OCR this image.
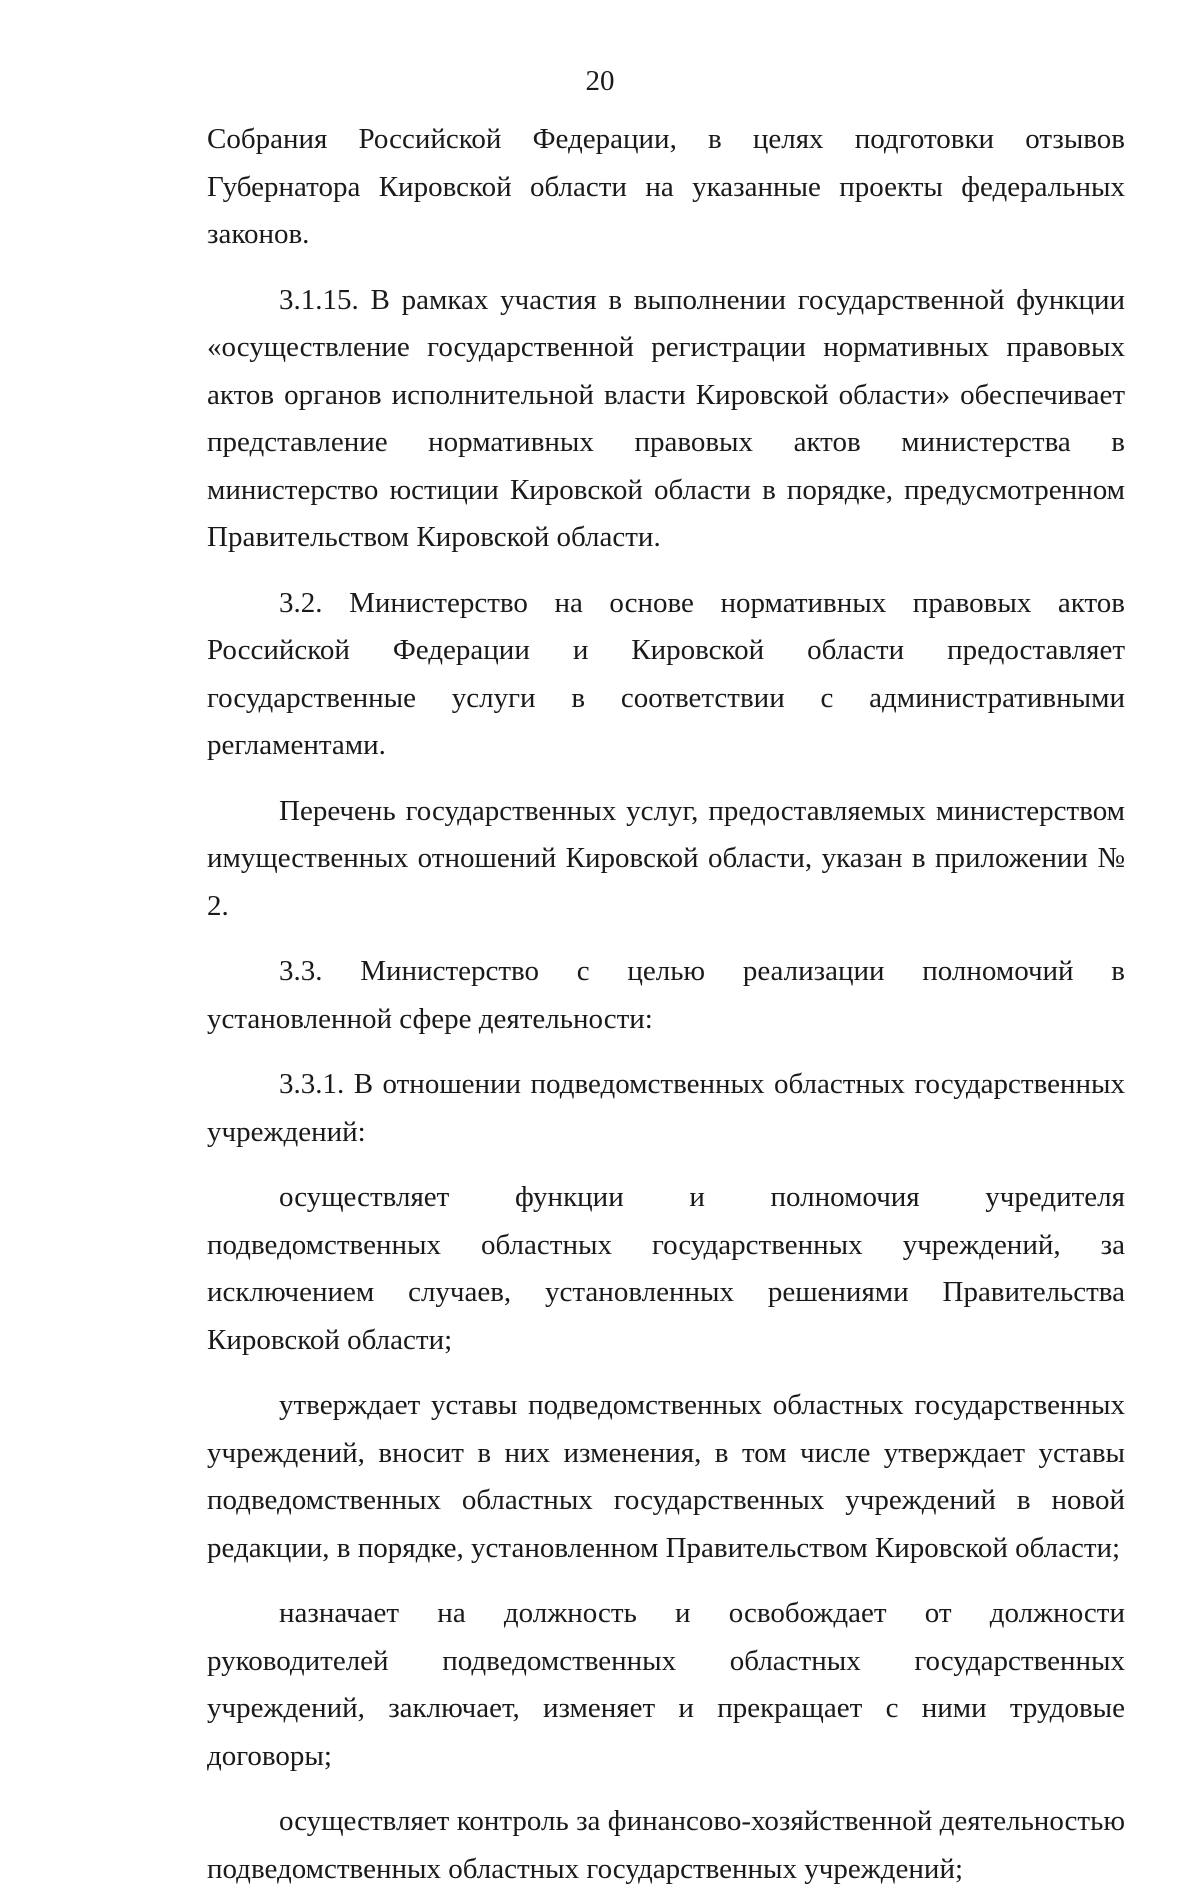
20

Собрания Российской Федерации, в целях подготовки отзывов Губернатора Кировской области на указанные проекты федеральных законов.

3.1.15. В рамках участия в выполнении государственной функции «осуществление государственной регистрации нормативных правовых актов органов исполнительной власти Кировской области» обеспечивает представление нормативных правовых актов министерства в министерство юстиции Кировской области в порядке, предусмотренном Правительством Кировской области.

3.2. Министерство на основе нормативных правовых актов Российской Федерации и Кировской области предоставляет государственные услуги в соответствии с административными регламентами.

Перечень государственных услуг, предоставляемых министерством имущественных отношений Кировской области, указан в приложении № 2.

3.3. Министерство с целью реализации полномочий в установленной сфере деятельности:

3.3.1. В отношении подведомственных областных государственных учреждений:

осуществляет функции и полномочия учредителя подведомственных областных государственных учреждений, за исключением случаев, установленных решениями Правительства Кировской области;

утверждает уставы подведомственных областных государственных учреждений, вносит в них изменения, в том числе утверждает уставы подведомственных областных государственных учреждений в новой редакции, в порядке, установленном Правительством Кировской области;

назначает на должность и освобождает от должности руководителей подведомственных областных государственных учреждений, заключает, изменяет и прекращает с ними трудовые договоры;

осуществляет контроль за финансово-хозяйственной деятельностью подведомственных областных государственных учреждений;
